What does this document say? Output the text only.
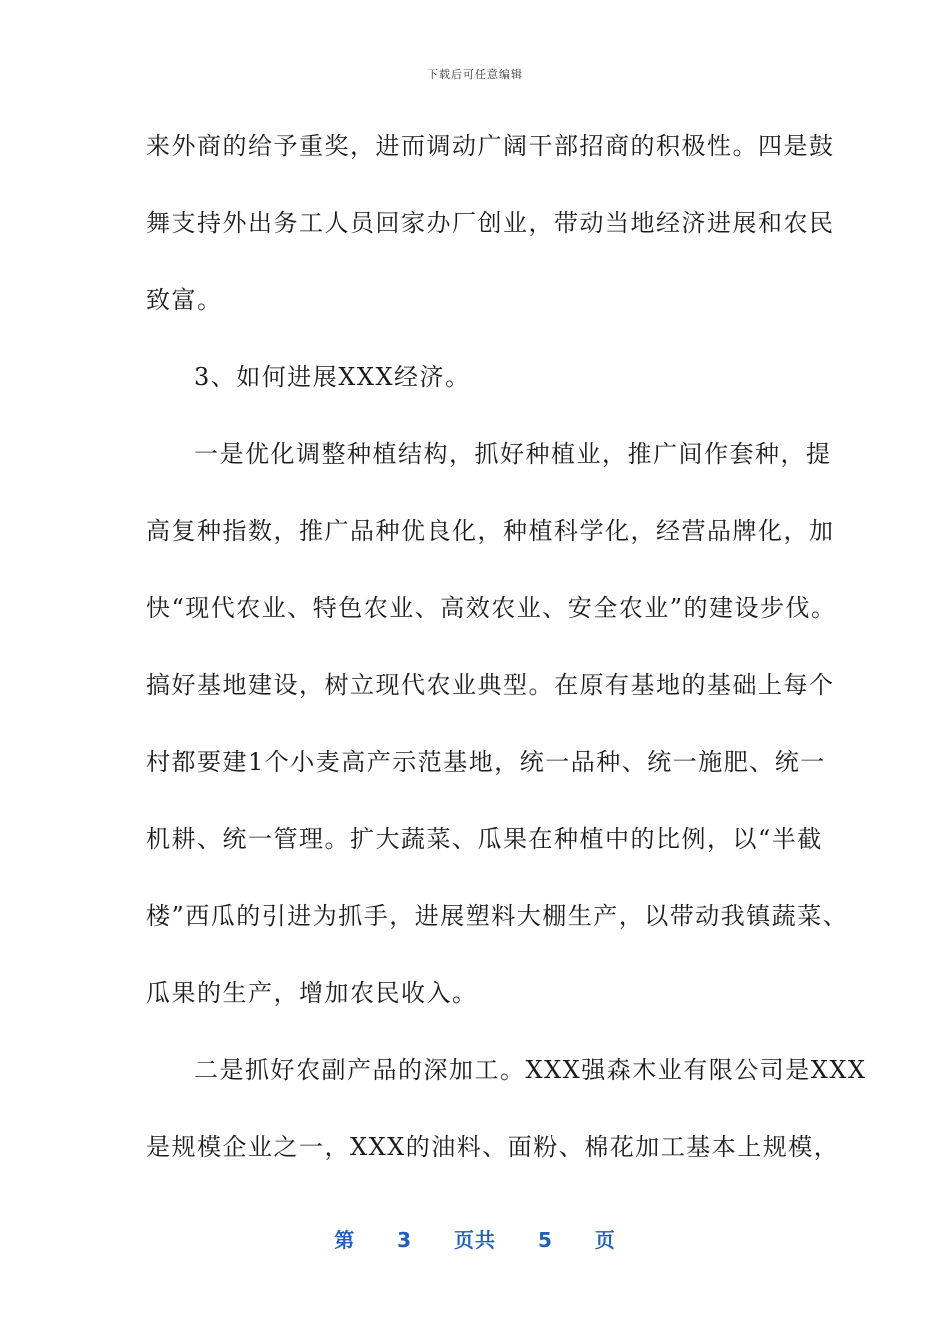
下载后可任意编辑
来外商的给予重奖，进而调动广阔干部招商的积极性。四是鼓
舞支持外出务工人员回家办厂创业，带动当地经济进展和农民
致富。
3、如何进展XXX经济。
一是优化调整种植结构，抓好种植业，推广间作套种，提
高复种指数，推广品种优良化，种植科学化，经营品牌化，加
快“现代农业、特色农业、高效农业、安全农业”的建设步伐。
搞好基地建设，树立现代农业典型。在原有基地的基础上每个
村都要建1个小麦高产示范基地，统一品种、统一施肥、统一
机耕、统一管理。扩大蔬菜、瓜果在种植中的比例，以“半截
楼”西瓜的引进为抓手，进展塑料大棚生产，以带动我镇蔬菜、
瓜果的生产，增加农民收入。
二是抓好农副产品的深加工。XXX强森木业有限公司是XXX
是规模企业之一，XXX的油料、面粉、棉花加工基本上规模，
第 3 页共 5 页
